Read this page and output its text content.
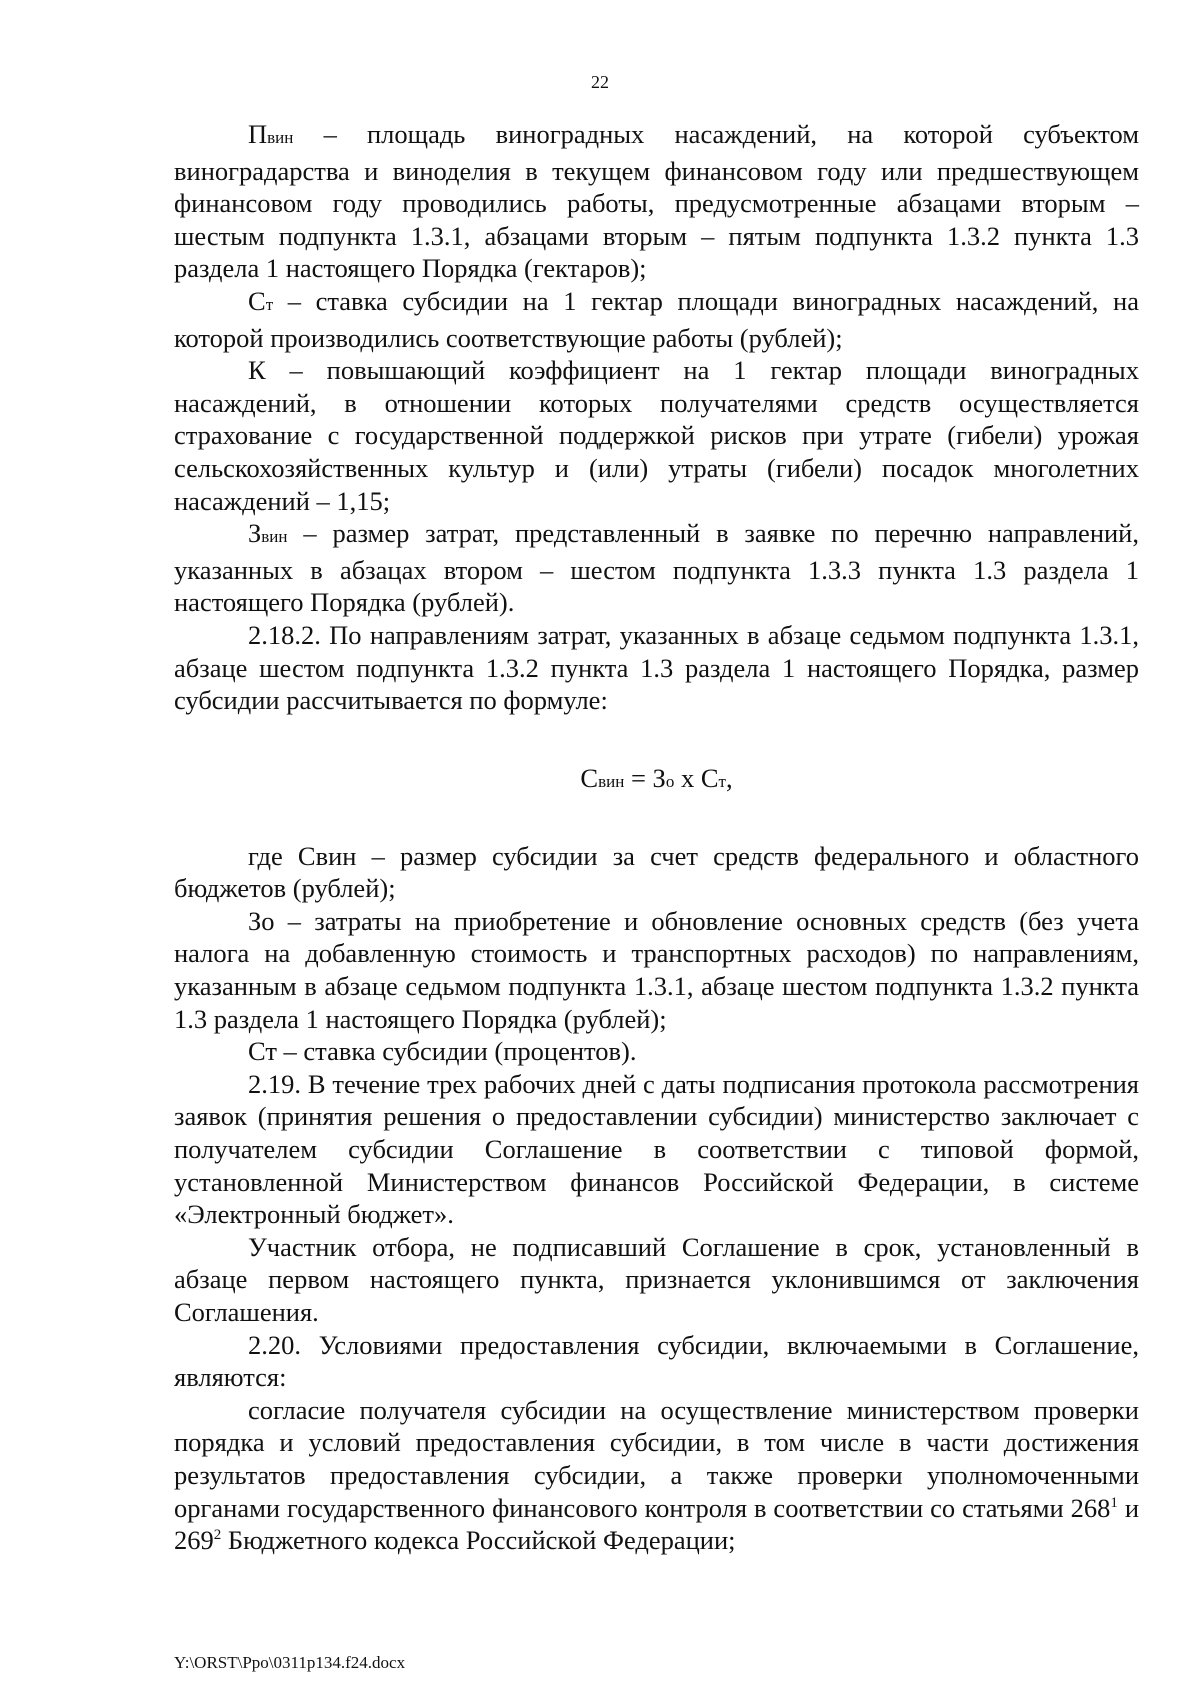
22

Пвин – площадь виноградных насаждений, на которой субъектом виноградарства и виноделия в текущем финансовом году или предшествующем финансовом году проводились работы, предусмотренные абзацами вторым – шестым подпункта 1.3.1, абзацами вторым – пятым подпункта 1.3.2 пункта 1.3 раздела 1 настоящего Порядка (гектаров);

Ст – ставка субсидии на 1 гектар площади виноградных насаждений, на которой производились соответствующие работы (рублей);

К – повышающий коэффициент на 1 гектар площади виноградных насаждений, в отношении которых получателями средств осуществляется страхование с государственной поддержкой рисков при утрате (гибели) урожая сельскохозяйственных культур и (или) утраты (гибели) посадок многолетних насаждений – 1,15;

Звин – размер затрат, представленный в заявке по перечню направлений, указанных в абзацах втором – шестом подпункта 1.3.3 пункта 1.3 раздела 1 настоящего Порядка (рублей).

2.18.2. По направлениям затрат, указанных в абзаце седьмом подпункта 1.3.1, абзаце шестом подпункта 1.3.2 пункта 1.3 раздела 1 настоящего Порядка, размер субсидии рассчитывается по формуле:

Свин = Зо х Ст,

где Свин – размер субсидии за счет средств федерального и областного бюджетов (рублей);

Зо – затраты на приобретение и обновление основных средств (без учета налога на добавленную стоимость и транспортных расходов) по направлениям, указанным в абзаце седьмом подпункта 1.3.1, абзаце шестом подпункта 1.3.2 пункта 1.3 раздела 1 настоящего Порядка (рублей);

Ст – ставка субсидии (процентов).

2.19. В течение трех рабочих дней с даты подписания протокола рассмотрения заявок (принятия решения о предоставлении субсидии) министерство заключает с получателем субсидии Соглашение в соответствии с типовой формой, установленной Министерством финансов Российской Федерации, в системе «Электронный бюджет».

Участник отбора, не подписавший Соглашение в срок, установленный в абзаце первом настоящего пункта, признается уклонившимся от заключения Соглашения.

2.20. Условиями предоставления субсидии, включаемыми в Соглашение, являются:

согласие получателя субсидии на осуществление министерством проверки порядка и условий предоставления субсидии, в том числе в части достижения результатов предоставления субсидии, а также проверки уполномоченными органами государственного финансового контроля в соответствии со статьями $268^1$ и $269^2$ Бюджетного кодекса Российской Федерации;

Y:\ORST\Ppo\0311p134.f24.docx
